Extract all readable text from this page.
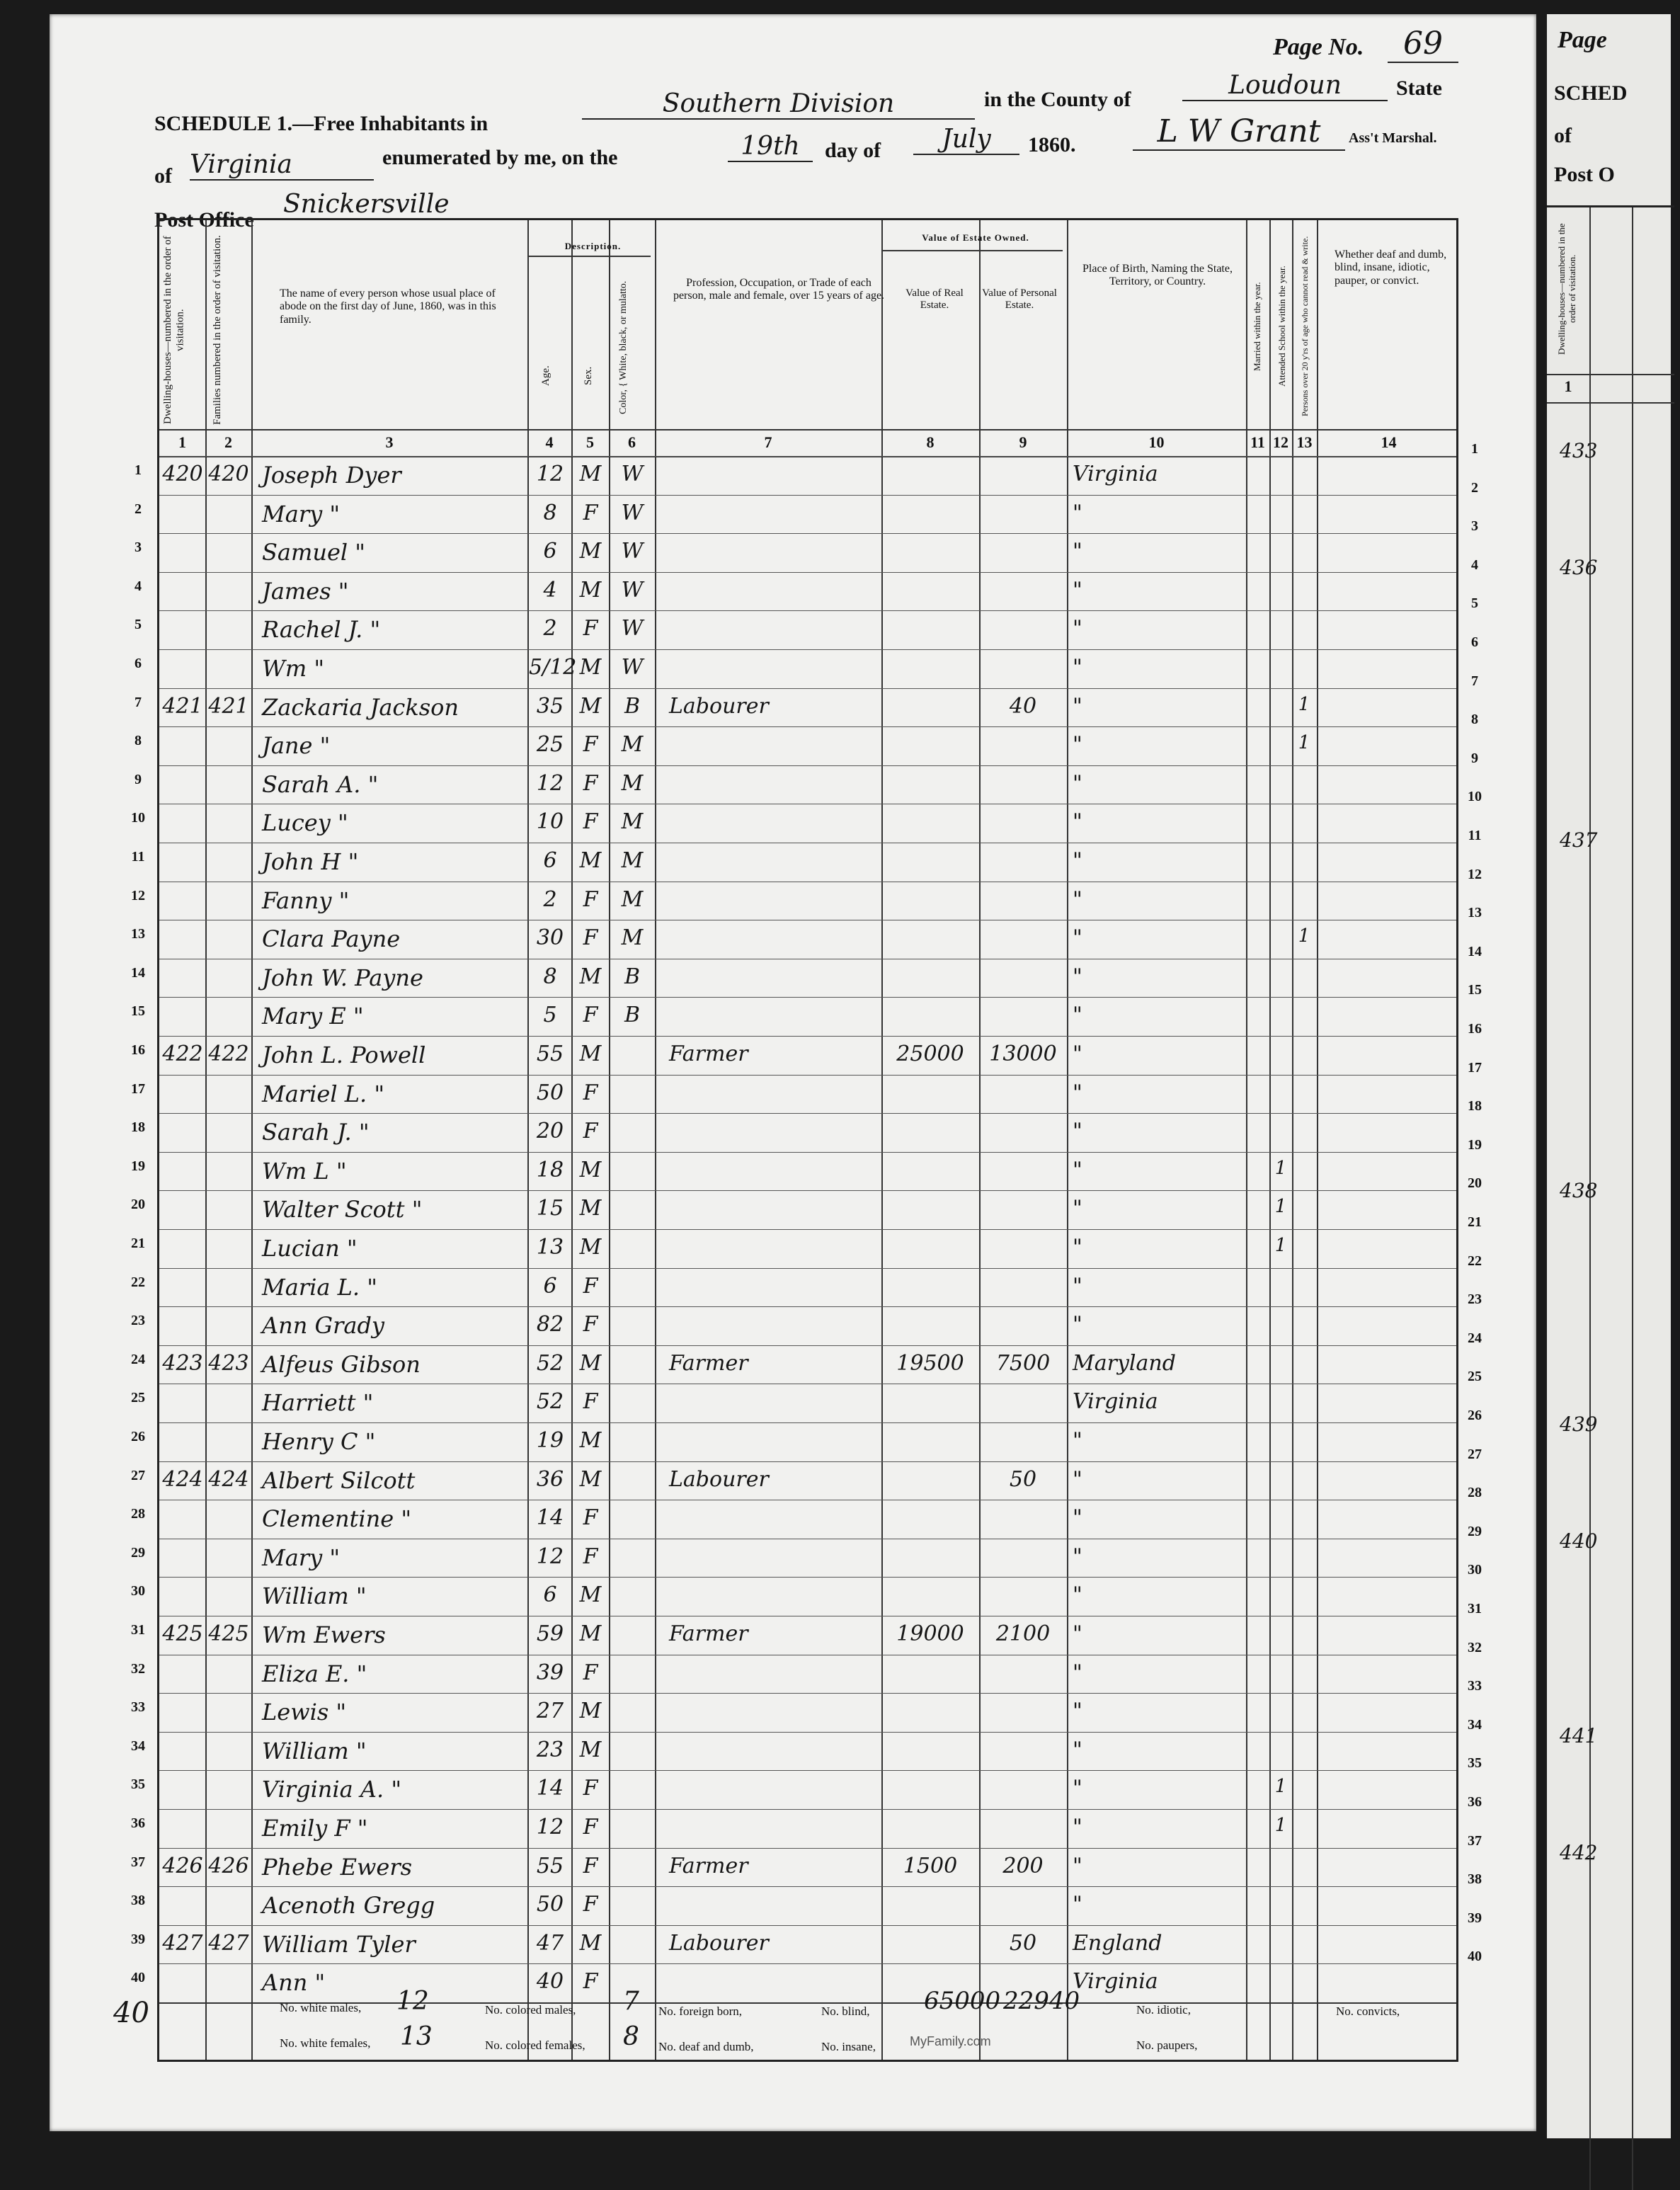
Page
SCHED
of
Post O
Dwelling-houses—numbered in the order of visitation.
1
433
436
437
438
439
440
441
442
Page No.	69
SCHEDULE 1.—Free Inhabitants in
Southern Division	in the County of	Loudoun	State
of Virginia	enumerated by me, on the	19th	day of	July	1860.	L W Grant	Ass't Marshal.
Post Office
Snickersville
Dwelling-houses—numbered in the order of visitation. Families numbered in the order of visitation.	The name of every person whose usual place of abode on the first day of June, 1860, was in this family.
Description.
Age.	Sex.	Color, { White, black, or mulatto.	Profession, Occupation, or Trade of each person, male and female, over 15 years of age.
Value of Estate Owned.
Value of Real Estate.
Value of Personal Estate.
Place of Birth, Naming the State, Territory, or Country.
Married within the year.	Attended School within the year.	Persons over 20 y'rs of age who cannot read & write.	Whether deaf and dumb, blind, insane, idiotic, pauper, or convict.
1	2	3	4	5	6	7	8	9	10	11 12 13	14
420 420 Joseph Dyer	12 M W	Virginia
Mary "	8	F	W	"
Samuel "	6	M W	"
James "	4	M W	"
Rachel J. "	2	F	W	"
Wm "	5/12 M W	"
421 421 Zackaria Jackson	35 M	B	Labourer	40	"	1
Jane "	25 F	M	"	1
Sarah A. "	12 F	M	"
Lucey "	10 F	M	"
John H "	6	M M	"
Fanny "	2	F	M	"
Clara Payne	30 F	M	"	1
John W. Payne	8	M	B	"
Mary E "	5	F	B	"
422 422 John L. Powell	55 M	Farmer	25000	13000 "
Mariel L. "	50 F	"
Sarah J. "	20 F	"
Wm L "	18 M	"	1
Walter Scott "	15 M	"	1
Lucian "	13 M	"	1
Maria L. "	6	F	"
Ann Grady	82 F	"
423 423 Alfeus Gibson	52 M	Farmer	19500	7500	Maryland
Harriett "	52 F	Virginia
Henry C "	19 M	"
424 424 Albert Silcott	36 M	Labourer	50	"
Clementine "	14 F	"
Mary "	12 F	"
William "	6	M	"
425 425 Wm Ewers	59 M	Farmer	19000	2100	"
Eliza E. "	39 F	"
Lewis "	27 M	"
William "	23 M	"
Virginia A. "	14 F	"	1
Emily F "	12 F	"	1
426 426 Phebe Ewers	55 F	Farmer	1500	200	"
Acenoth Gregg	50 F	"
427 427 William Tyler	47 M	Labourer	50	England
Ann "	40 F	Virginia
No. white males, 12
No. white females, 13
No. colored males, 7
No. colored females, 8
No. foreign born,
No. deaf and dumb,
No. blind,
No. insane,
65000 22940
MyFamily.com
No. idiotic,
No. paupers,
No. convicts,
40
1
1
2
2
3
3
4
4
5
5
6
6
7
7
8
8
9
9
10
10
11
11
12
12
13
13
14
14
15
15
16
16
17
17
18
18
19
19
20
20
21
21
22
22
23
23
24
24
25
25
26
26
27
27
28
28
29
29
30
30
31
31
32
32
33
33
34
34
35
35
36
36
37
37
38
38
39
39
40
40
